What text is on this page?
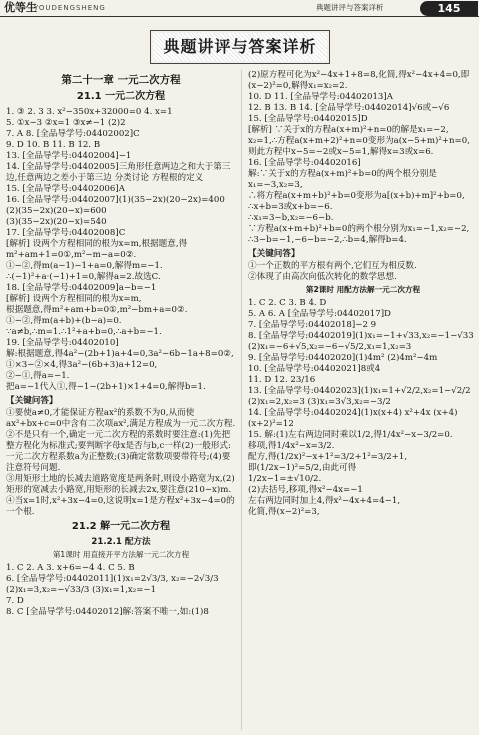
优等生
YOUDENGSHENG	典题讲评与答案详析	145
典题讲评与答案详析
第二十一章 一元二次方程
21.1 一元二次方程
1. ③ 2. 3 3. x²−350x+32000=0 4. x=1
5. ①x−3 ②x=1 ③x≠−1 (2)2
7. A 8. [全品导学号:04402002]C
9. D 10. B 11. B 12. B
13. [全品导学号:04402004]−1
14. [全品导学号:04402005]三角形任意两边之和大于第三边,任意两边之差小于第三边 分类讨论 方程根的定义
15. [全品导学号:04402006]A
16. [全品导学号:04402007](1)(35−2x)(20−2x)=400
(2)(35−2x)(20−x)=600
(3)(35−2x)(20−x)=540
17. [全品导学号:04402008]C
[解析] 设两个方程相同的根为x=m,根据题意,得
m²+am+1=0①,m²−m−a=0②.
①−②,得m(a−1)−1+a=0,解得m=−1.
∴(−1)²+a·(−1)+1=0,解得a=2.故选C.
18. [全品导学号:04402009]a−b=−1
[解析] 设两个方程相同的根为x=m,
根据题意,得m²+am+b=0①,m²−bm+a=0②.
①−②,得m(a+b)+(b−a)=0.
∵a≠b,∴m=1.∴1²+a+b=0,∴a+b=−1.
19. [全品导学号:04402010]
解:根据题意,得4a²−(2b+1)a+4=0,3a²−6b−1a+8=0②,
①×3−②×4,得3a²−(6b+3)a+12=0,
②−①,得a=−1.
把a=−1代入①,得−1−(2b+1)×1+4=0,解得b=1.
【关键问答】
①要使a≠0,才能保证方程ax²的系数不为0,从而使ax²+bx+c=0中含有二次项ax²,满足方程成为一元二次方程.
②不是只有一个,确定一元二次方程的系数时要注意:(1)先把整方程化为标准式;要判断字母x是否与b,c一样(2)一般形式:一元二次方程系数a为正整数;(3)确定常数项要带符号;(4)要注意符号问题.
③用矩形土地的长减去道路宽度是两条时,则设小路宽为x,(2)矩形的宽减去小路宽,用矩形的长减去2x,要注意(210−x)m.
④当x=1时,x²+3x−4=0,这说明x=1是方程x²+3x−4=0的一个根.
21.2 解一元二次方程
21.2.1 配方法
第1课时 用直接开平方法解一元二次方程
1. C 2. A 3. x+6=−4 4. C 5. B
6. [全品导学号:04402011](1)x₁=2√3/3, x₂=−2√3/3
(2)x₁=3,x₂=−√33/3 (3)x₁=1,x₂=−1
7. D
8. C [全品导学号:04402012]解:答案不唯一,如:(1)8
(2)原方程可化为x²−4x+1+8=8,化简,得x²−4x+4=0,即(x−2)²=0,解得x₁=x₂=2.
10. D 11. [全品导学号:04402013]A
12. B 13. B 14. [全品导学号:04402014]√6或−√6
15. [全品导学号:04402015]D
[解析] ∵关于x的方程a(x+m)²+n=0的解是x₁=−2,
x₂=1,∴方程a(x+m+2)²+n=0变形为a(x−5+m)²+n=0,则此方程中x−5=−2或x−5=1,解得x=3或x=6.
16. [全品导学号:04402016]
解:∵关于x的方程a(x+m)²+b=0的两个根分别是x₁=−3,x₂=3,
∴将方程a(x+m+b)²+b=0变形为a[(x+b)+m]²+b=0,
∴x+b=3或x+b=−6.
∴x₁=3−b,x₂=−6−b.
∵方程a(x+m+b)²+b=0的两个根分别为x₁=−1,x₂=−2,
∴3−b=−1,−6−b=−2,∴b=4,解得b=4.
【关键问答】
①一个正数的平方根有两个,它们互为相反数.
②体现了由高次向低次转化的数学思想.
第2课时 用配方法解一元二次方程
1. C 2. C 3. B 4. D
5. A 6. A [全品导学号:04402017]D
7. [全品导学号:04402018]−2 9
8. [全品导学号:04402019](1)x₁=−1+√33,x₂=−1−√33
(2)x₁=−6+√5,x₂=−6−√5/2,x₁=1,x₂=3
9. [全品导学号:04402020](1)4m² (2)4m²−4m
10. [全品导学号:04402021]8或4
11. D 12. 23/16
13. [全品导学号:04402023](1)x₁=1+√2/2,x₂=1−√2/2
(2)x₁=2,x₂=3 (3)x₁=3√3,x₂=−3/2
14. [全品导学号:04402024](1)x(x+4) x²+4x (x+4) (x+2)²=12
15. 解:(1)左右两边同时乘以1/2,得1/4x²−x−3/2=0.
移项,得1/4x²−x=3/2.
配方,得(1/2x)²−x+1²=3/2+1²=3/2+1,
即(1/2x−1)²=5/2,由此可得
1/2x−1=±√10/2.
(2)去括号,移项,得x²−4x=−1
左右两边同时加上4,得x²−4x+4=4−1,
化简,得(x−2)²=3,
